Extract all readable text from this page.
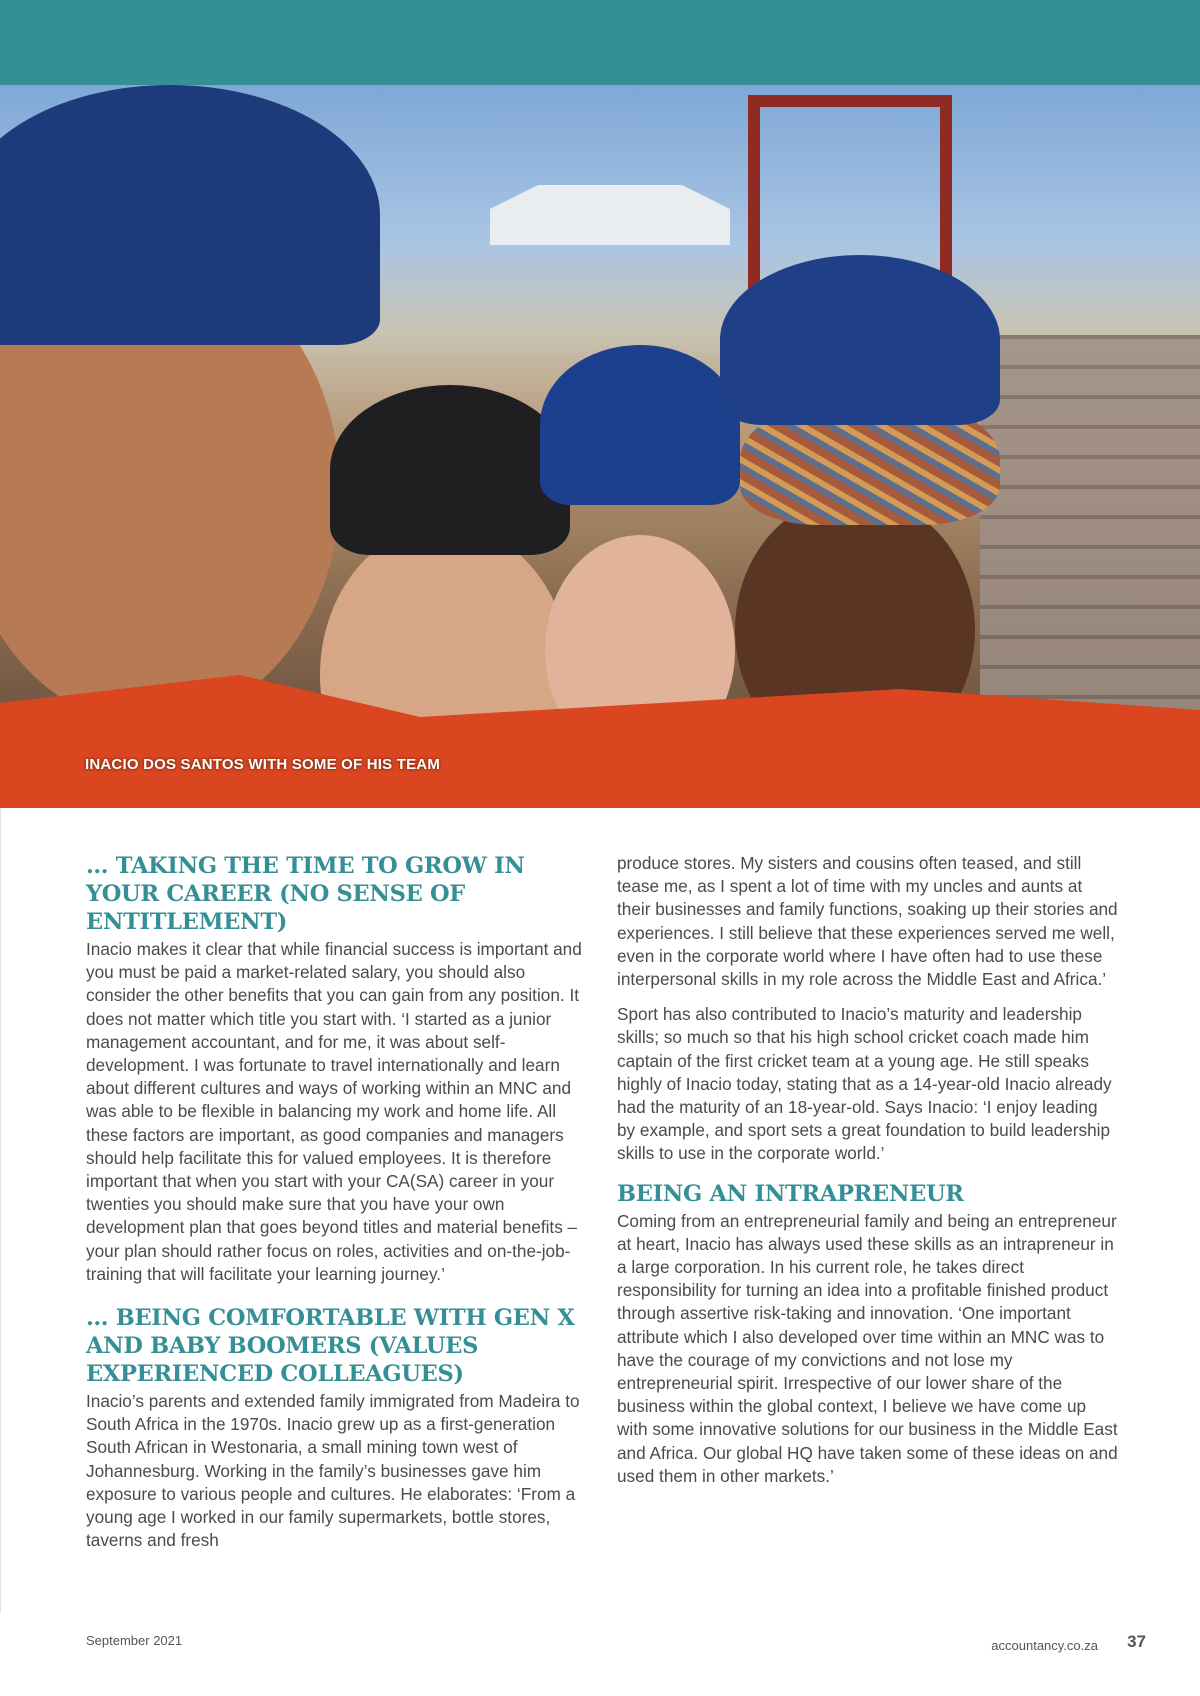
INACIO DOS SANTOS WITH SOME OF HIS TEAM
… TAKING THE TIME TO GROW IN YOUR CAREER (NO SENSE OF ENTITLEMENT)

Inacio makes it clear that while financial success is important and you must be paid a market-related salary, you should also consider the other benefits that you can gain from any position. It does not matter which title you start with. ‘I started as a junior management accountant, and for me, it was about self-development. I was fortunate to travel internationally and learn about different cultures and ways of working within an MNC and was able to be flexible in balancing my work and home life. All these factors are important, as good companies and managers should help facilitate this for valued employees. It is therefore important that when you start with your CA(SA) career in your twenties you should make sure that you have your own development plan that goes beyond titles and material benefits – your plan should rather focus on roles, activities and on-the-job-training that will facilitate your learning journey.’

… BEING COMFORTABLE WITH GEN X AND BABY BOOMERS (VALUES EXPERIENCED COLLEAGUES)

Inacio’s parents and extended family immigrated from Madeira to South Africa in the 1970s. Inacio grew up as a first-generation South African in Westonaria, a small mining town west of Johannesburg. Working in the family’s businesses gave him exposure to various people and cultures. He elaborates: ‘From a young age I worked in our family supermarkets, bottle stores, taverns and fresh

produce stores. My sisters and cousins often teased, and still tease me, as I spent a lot of time with my uncles and aunts at their businesses and family functions, soaking up their stories and experiences. I still believe that these experiences served me well, even in the corporate world where I have often had to use these interpersonal skills in my role across the Middle East and Africa.’

Sport has also contributed to Inacio’s maturity and leadership skills; so much so that his high school cricket coach made him captain of the first cricket team at a young age. He still speaks highly of Inacio today, stating that as a 14-year-old Inacio already had the maturity of an 18-year-old. Says Inacio: ‘I enjoy leading by example, and sport sets a great foundation to build leadership skills to use in the corporate world.’

BEING AN INTRAPRENEUR

Coming from an entrepreneurial family and being an entrepreneur at heart, Inacio has always used these skills as an intrapreneur in a large corporation. In his current role, he takes direct responsibility for turning an idea into a profitable finished product through assertive risk-taking and innovation. ‘One important attribute which I also developed over time within an MNC was to have the courage of my convictions and not lose my entrepreneurial spirit. Irrespective of our lower share of the business within the global context, I believe we have come up with some innovative solutions for our business in the Middle East and Africa. Our global HQ have taken some of these ideas on and used them in other markets.’

September 2021	accountancy.co.za 37
